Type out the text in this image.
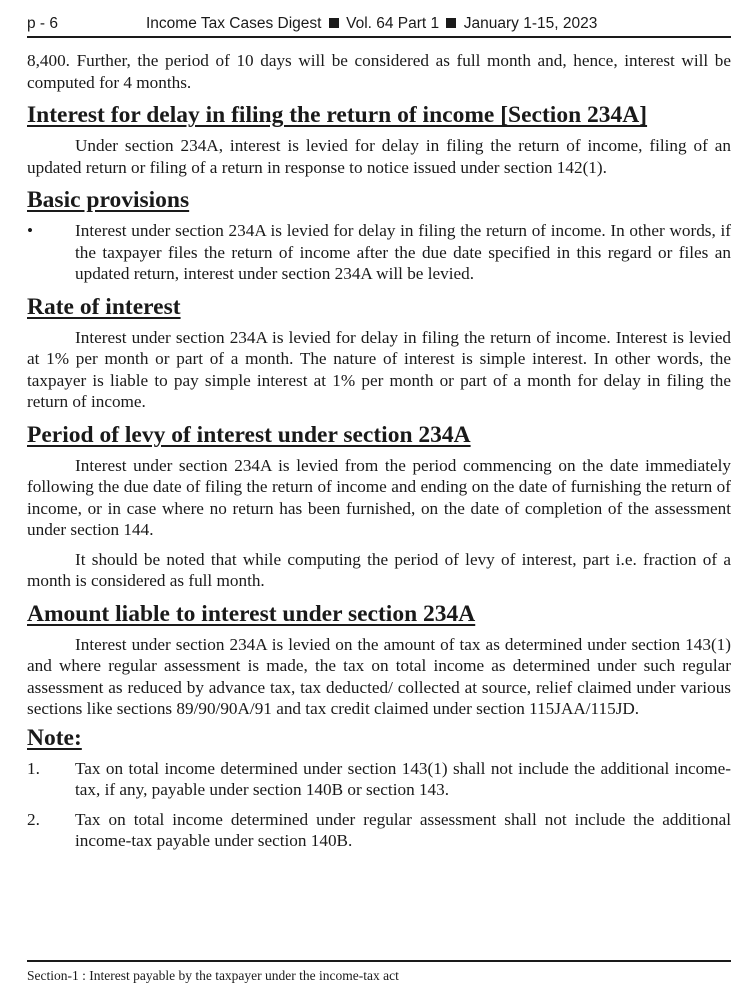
p - 6	Income Tax Cases Digest Vol. 64 Part 1 January 1-15, 2023

8,400. Further, the period of 10 days will be considered as full month and, hence, interest will be computed for 4 months.

Interest for delay in filing the return of income [Section 234A]

Under section 234A, interest is levied for delay in filing the return of income, filing of an updated return or filing of a return in response to notice issued under section 142(1).

Basic provisions
•	Interest under section 234A is levied for delay in filing the return of income. In other words, if the taxpayer files the return of income after the due date specified in this regard or files an updated return, interest under section 234A will be levied.
Rate of interest

Interest under section 234A is levied for delay in filing the return of income. Interest is levied at 1% per month or part of a month. The nature of interest is simple interest. In other words, the taxpayer is liable to pay simple interest at 1% per month or part of a month for delay in filing the return of income.

Period of levy of interest under section 234A

Interest under section 234A is levied from the period commencing on the date immediately following the due date of filing the return of income and ending on the date of furnishing the return of income, or in case where no return has been furnished, on the date of completion of the assessment under section 144.

It should be noted that while computing the period of levy of interest, part i.e. fraction of a month is considered as full month.

Amount liable to interest under section 234A

Interest under section 234A is levied on the amount of tax as determined under section 143(1) and where regular assessment is made, the tax on total income as determined under such regular assessment as reduced by advance tax, tax deducted/ collected at source, relief claimed under various sections like sections 89/90/90A/91 and tax credit claimed under section 115JAA/115JD.

Note:
1.	Tax on total income determined under section 143(1) shall not include the additional income-tax, if any, payable under section 140B or section 143.
2.	Tax on total income determined under regular assessment shall not include the additional income-tax payable under section 140B.
Section-1 : Interest payable by the taxpayer under the income-tax act
